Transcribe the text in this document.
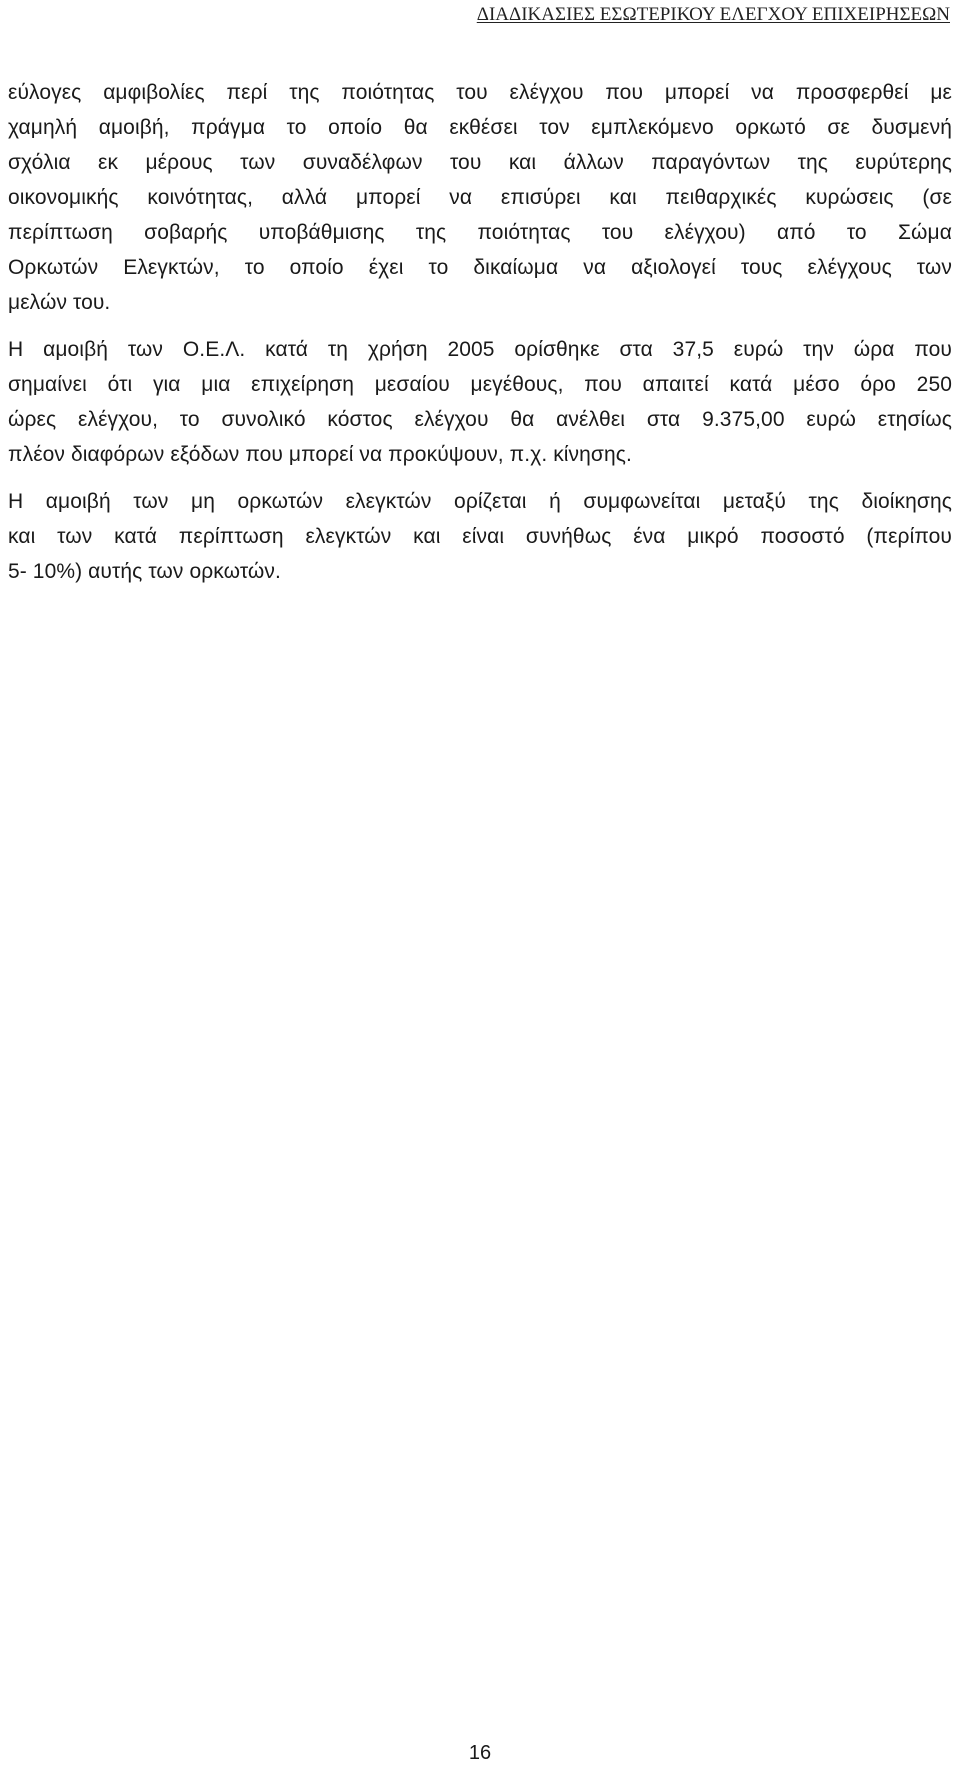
ΔΙΑΔΙΚΑΣΙΕΣ ΕΣΩΤΕΡΙΚΟΥ ΕΛΕΓΧΟΥ ΕΠΙΧΕΙΡΗΣΕΩΝ

εύλογες αμφιβολίες περί της ποιότητας του ελέγχου που μπορεί να προσφερθεί με
χαμηλή αμοιβή, πράγμα το οποίο θα εκθέσει τον εμπλεκόμενο ορκωτό σε δυσμενή
σχόλια εκ μέρους των συναδέλφων του και άλλων παραγόντων της ευρύτερης
οικονομικής κοινότητας, αλλά μπορεί να επισύρει και πειθαρχικές κυρώσεις (σε
περίπτωση σοβαρής υποβάθμισης της ποιότητας του ελέγχου) από το Σώμα
Ορκωτών Ελεγκτών, το οποίο έχει το δικαίωμα να αξιολογεί τους ελέγχους των
μελών του.

Η αμοιβή των Ο.Ε.Λ. κατά τη χρήση 2005 ορίσθηκε στα 37,5 ευρώ την ώρα που
σημαίνει ότι για μια επιχείρηση μεσαίου μεγέθους, που απαιτεί κατά μέσο όρο 250
ώρες ελέγχου, το συνολικό κόστος ελέγχου θα ανέλθει στα 9.375,00 ευρώ ετησίως
πλέον διαφόρων εξόδων που μπορεί να προκύψουν, π.χ. κίνησης.

Η αμοιβή των μη ορκωτών ελεγκτών ορίζεται ή συμφωνείται μεταξύ της διοίκησης
και των κατά περίπτωση ελεγκτών και είναι συνήθως ένα μικρό ποσοστό (περίπου
5- 10%) αυτής των ορκωτών.

16
